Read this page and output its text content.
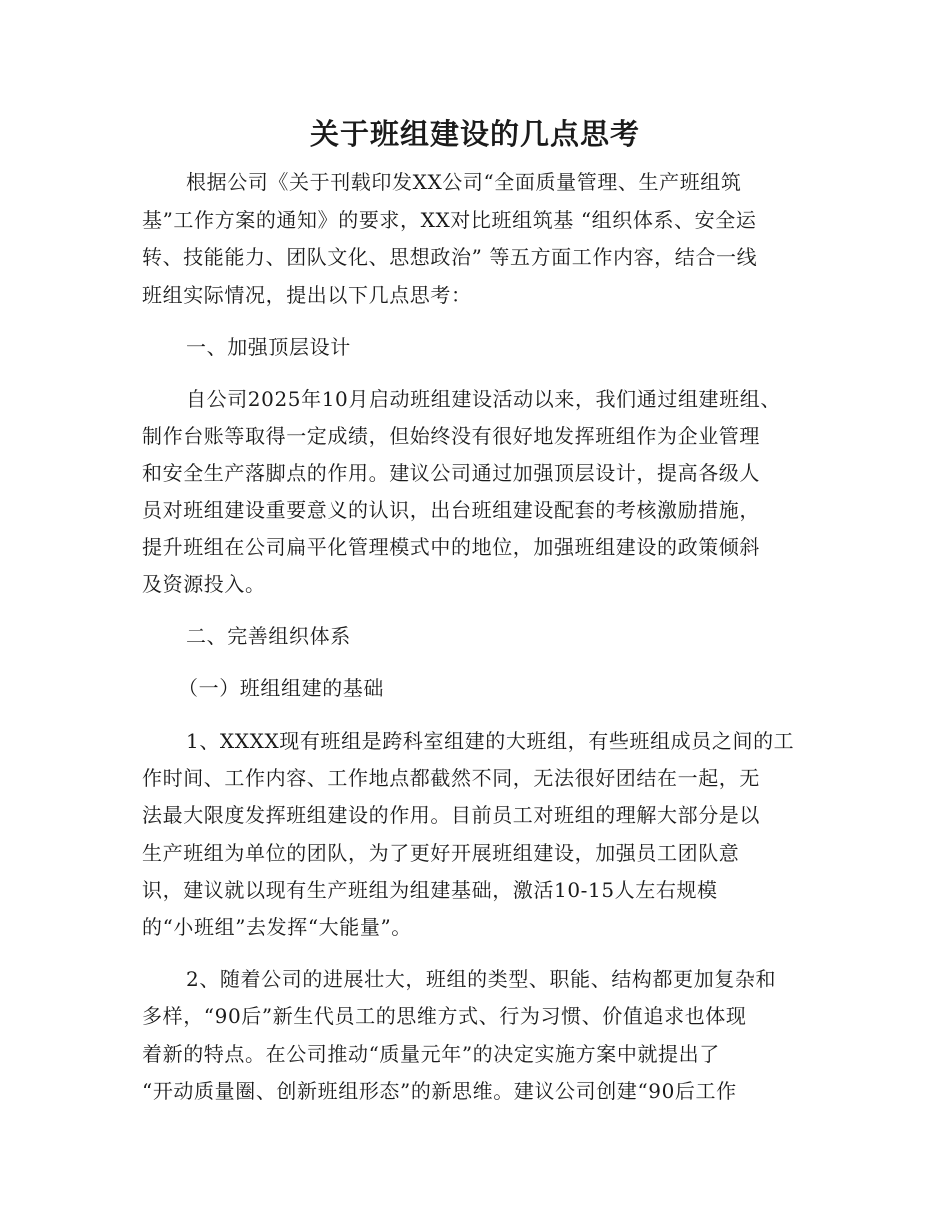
关于班组建设的几点思考
根据公司《关于刊载印发XX公司“全面质量管理、生产班组筑
基”工作方案的通知》的要求，XX对比班组筑基 “组织体系、安全运
转、技能能力、团队文化、思想政治” 等五方面工作内容，结合一线
班组实际情况，提出以下几点思考：
一、加强顶层设计
自公司2025年10月启动班组建设活动以来，我们通过组建班组、
制作台账等取得一定成绩，但始终没有很好地发挥班组作为企业管理
和安全生产落脚点的作用。建议公司通过加强顶层设计，提高各级人
员对班组建设重要意义的认识，出台班组建设配套的考核激励措施，
提升班组在公司扁平化管理模式中的地位，加强班组建设的政策倾斜
及资源投入。
二、完善组织体系
（一）班组组建的基础
1、XXXX现有班组是跨科室组建的大班组，有些班组成员之间的工
作时间、工作内容、工作地点都截然不同，无法很好团结在一起，无
法最大限度发挥班组建设的作用。目前员工对班组的理解大部分是以
生产班组为单位的团队，为了更好开展班组建设，加强员工团队意
识，建议就以现有生产班组为组建基础，激活10-15人左右规模
的“小班组”去发挥“大能量”。
2、随着公司的进展壮大，班组的类型、职能、结构都更加复杂和
多样，“90后”新生代员工的思维方式、行为习惯、价值追求也体现
着新的特点。在公司推动“质量元年”的决定实施方案中就提出了
“开动质量圈、创新班组形态”的新思维。建议公司创建“90后工作
